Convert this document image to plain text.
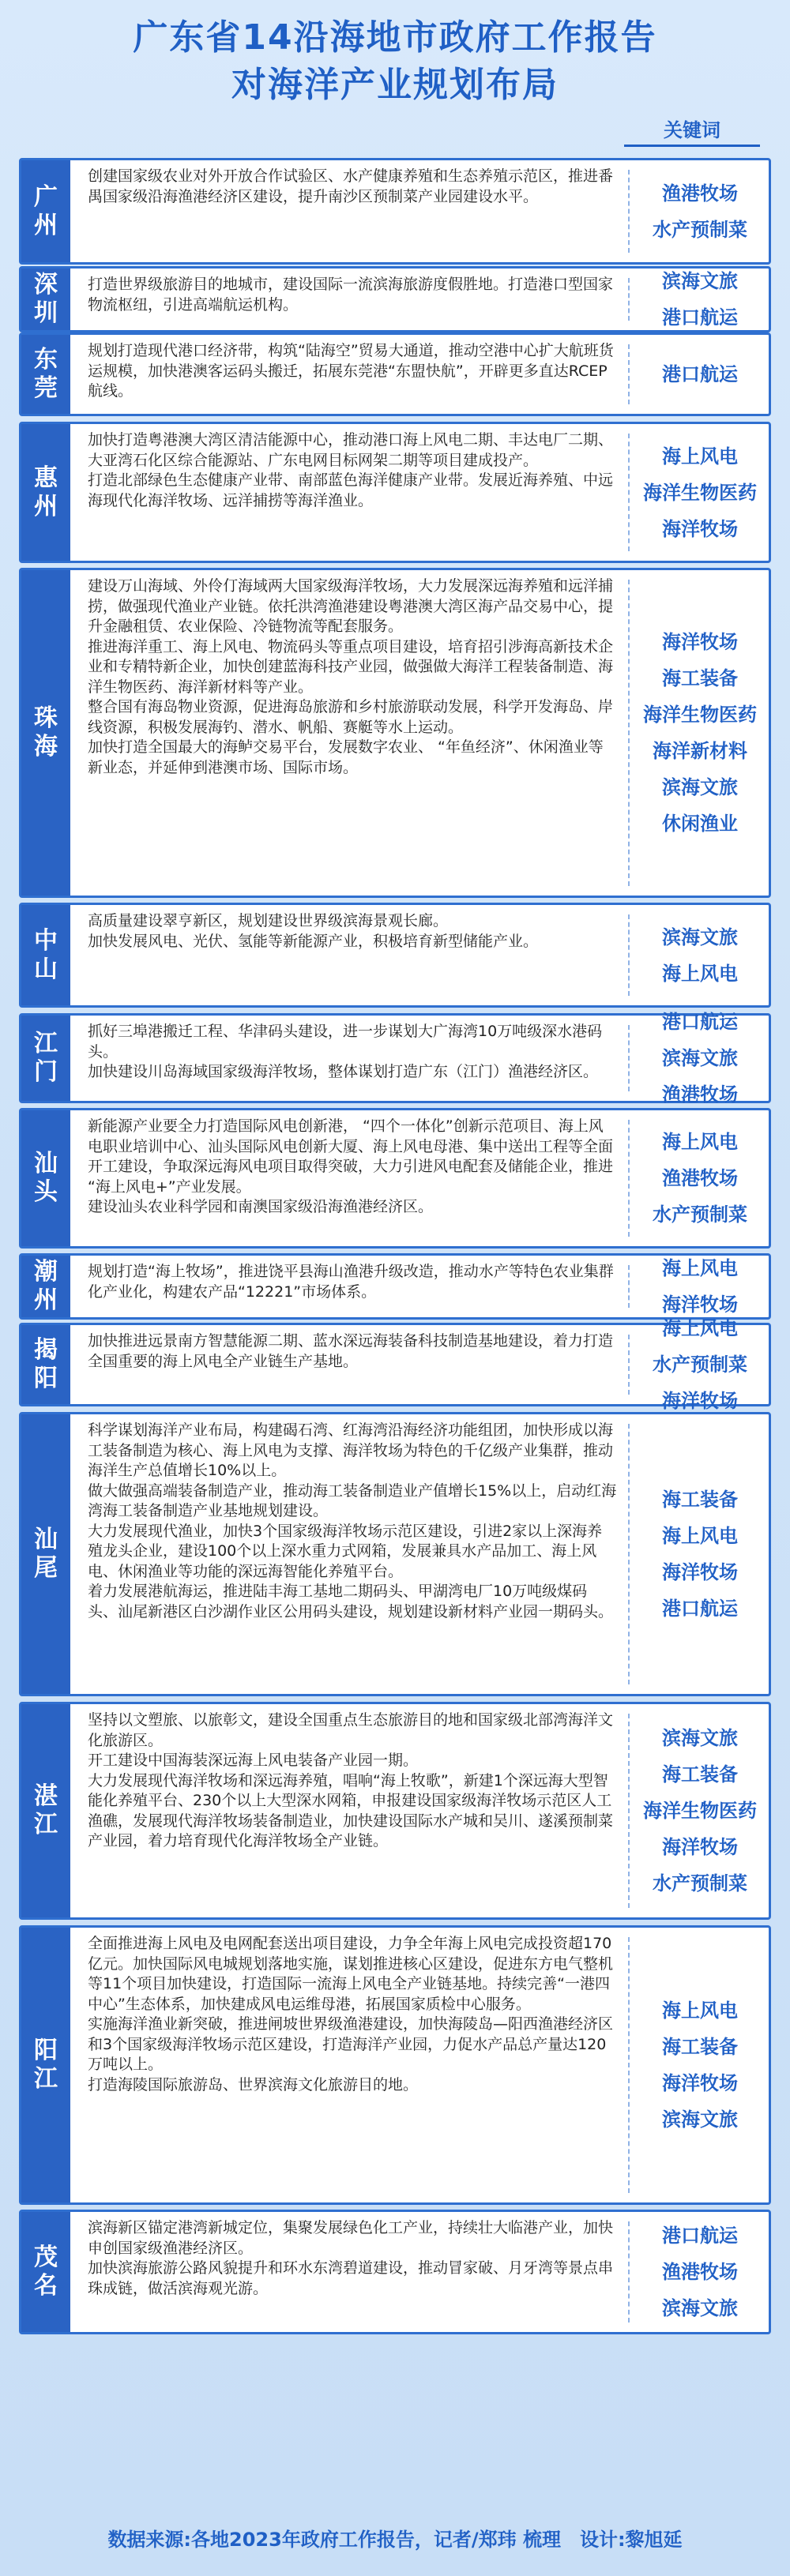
广东省14沿海地市政府工作报告
对海洋产业规划布局
关键词
广州

创建国家级农业对外开放合作试验区、水产健康养殖和生态养殖示范区，推进番禺国家级沿海渔港经济区建设，提升南沙区预制菜产业园建设水平。	渔港牧场
水产预制菜
深圳

打造世界级旅游目的地城市，建设国际一流滨海旅游度假胜地。打造港口型国家物流枢纽，引进高端航运机构。

滨海文旅
港口航运
东莞

规划打造现代港口经济带，构筑“陆海空”贸易大通道，推动空港中心扩大航班货运规模，加快港澳客运码头搬迁，拓展东莞港“东盟快航”，开辟更多直达RCEP航线。

港口航运
惠州

加快打造粤港澳大湾区清洁能源中心，推动港口海上风电二期、丰达电厂二期、大亚湾石化区综合能源站、广东电网目标网架二期等项目建成投产。

打造北部绿色生态健康产业带、南部蓝色海洋健康产业带。发展近海养殖、中远海现代化海洋牧场、远洋捕捞等海洋渔业。

海上风电
海洋生物医药
海洋牧场
珠海

建设万山海域、外伶仃海域两大国家级海洋牧场，大力发展深远海养殖和远洋捕捞，做强现代渔业产业链。依托洪湾渔港建设粤港澳大湾区海产品交易中心，提升金融租赁、农业保险、冷链物流等配套服务。

推进海洋重工、海上风电、物流码头等重点项目建设，培育招引涉海高新技术企业和专精特新企业，加快创建蓝海科技产业园，做强做大海洋工程装备制造、海洋生物医药、海洋新材料等产业。

整合国有海岛物业资源，促进海岛旅游和乡村旅游联动发展，科学开发海岛、岸线资源，积极发展海钓、潜水、帆船、赛艇等水上运动。

加快打造全国最大的海鲈交易平台，发展数字农业、 “年鱼经济”、休闲渔业等新业态，并延伸到港澳市场、国际市场。

海洋牧场
海工装备
海洋生物医药
海洋新材料
滨海文旅
休闲渔业
中山

高质量建设翠亨新区，规划建设世界级滨海景观长廊。

加快发展风电、光伏、氢能等新能源产业，积极培育新型储能产业。	滨海文旅
海上风电
江门

抓好三埠港搬迁工程、华津码头建设，进一步谋划大广海湾10万吨级深水港码头。

加快建设川岛海域国家级海洋牧场，整体谋划打造广东（江门）渔港经济区。

港口航运
滨海文旅
渔港牧场
汕头

新能源产业要全力打造国际风电创新港， “四个一体化”创新示范项目、海上风电职业培训中心、汕头国际风电创新大厦、海上风电母港、集中送出工程等全面开工建设，争取深远海风电项目取得突破，大力引进风电配套及储能企业，推进 “海上风电+”产业发展。

建设汕头农业科学园和南澳国家级沿海渔港经济区。

海上风电
渔港牧场
水产预制菜
潮州

规划打造“海上牧场”，推进饶平县海山渔港升级改造，推动水产等特色农业集群化产业化，构建农产品“12221”市场体系。

海上风电
海洋牧场
揭阳

加快推进远景南方智慧能源二期、蓝水深远海装备科技制造基地建设，着力打造全国重要的海上风电全产业链生产基地。

海上风电
水产预制菜
海洋牧场
汕尾

科学谋划海洋产业布局，构建碣石湾、红海湾沿海经济功能组团，加快形成以海工装备制造为核心、海上风电为支撑、海洋牧场为特色的千亿级产业集群，推动海洋生产总值增长10%以上。

做大做强高端装备制造产业，推动海工装备制造业产值增长15%以上，启动红海湾海工装备制造产业基地规划建设。

大力发展现代渔业，加快3个国家级海洋牧场示范区建设，引进2家以上深海养殖龙头企业，建设100个以上深水重力式网箱，发展兼具水产品加工、海上风电、休闲渔业等功能的深远海智能化养殖平台。

着力发展港航海运，推进陆丰海工基地二期码头、甲湖湾电厂10万吨级煤码头、汕尾新港区白沙湖作业区公用码头建设，规划建设新材料产业园一期码头。

海工装备
海上风电
海洋牧场
港口航运
湛江

坚持以文塑旅、以旅彰文，建设全国重点生态旅游目的地和国家级北部湾海洋文化旅游区。

开工建设中国海装深远海上风电装备产业园一期。

大力发展现代海洋牧场和深远海养殖，唱响“海上牧歌”，新建1个深远海大型智能化养殖平台、230个以上大型深水网箱，申报建设国家级海洋牧场示范区人工渔礁，发展现代海洋牧场装备制造业，加快建设国际水产城和吴川、遂溪预制菜产业园，着力培育现代化海洋牧场全产业链。

滨海文旅
海工装备
海洋生物医药
海洋牧场
水产预制菜
阳江

全面推进海上风电及电网配套送出项目建设，力争全年海上风电完成投资超170亿元。加快国际风电城规划落地实施，谋划推进核心区建设，促进东方电气整机等11个项目加快建设，打造国际一流海上风电全产业链基地。持续完善“一港四中心”生态体系，加快建成风电运维母港，拓展国家质检中心服务。

实施海洋渔业新突破，推进闸坡世界级渔港建设，加快海陵岛—阳西渔港经济区和3个国家级海洋牧场示范区建设，打造海洋产业园，力促水产品总产量达120万吨以上。

打造海陵国际旅游岛、世界滨海文化旅游目的地。

海上风电
海工装备
海洋牧场
滨海文旅
茂名

滨海新区锚定港湾新城定位，集聚发展绿色化工产业，持续壮大临港产业，加快申创国家级渔港经济区。

加快滨海旅游公路风貌提升和环水东湾碧道建设，推动冒家破、月牙湾等景点串珠成链，做活滨海观光游。

港口航运
渔港牧场
滨海文旅
数据来源:各地2023年政府工作报告，记者/郑玮 梳理　设计:黎旭延
